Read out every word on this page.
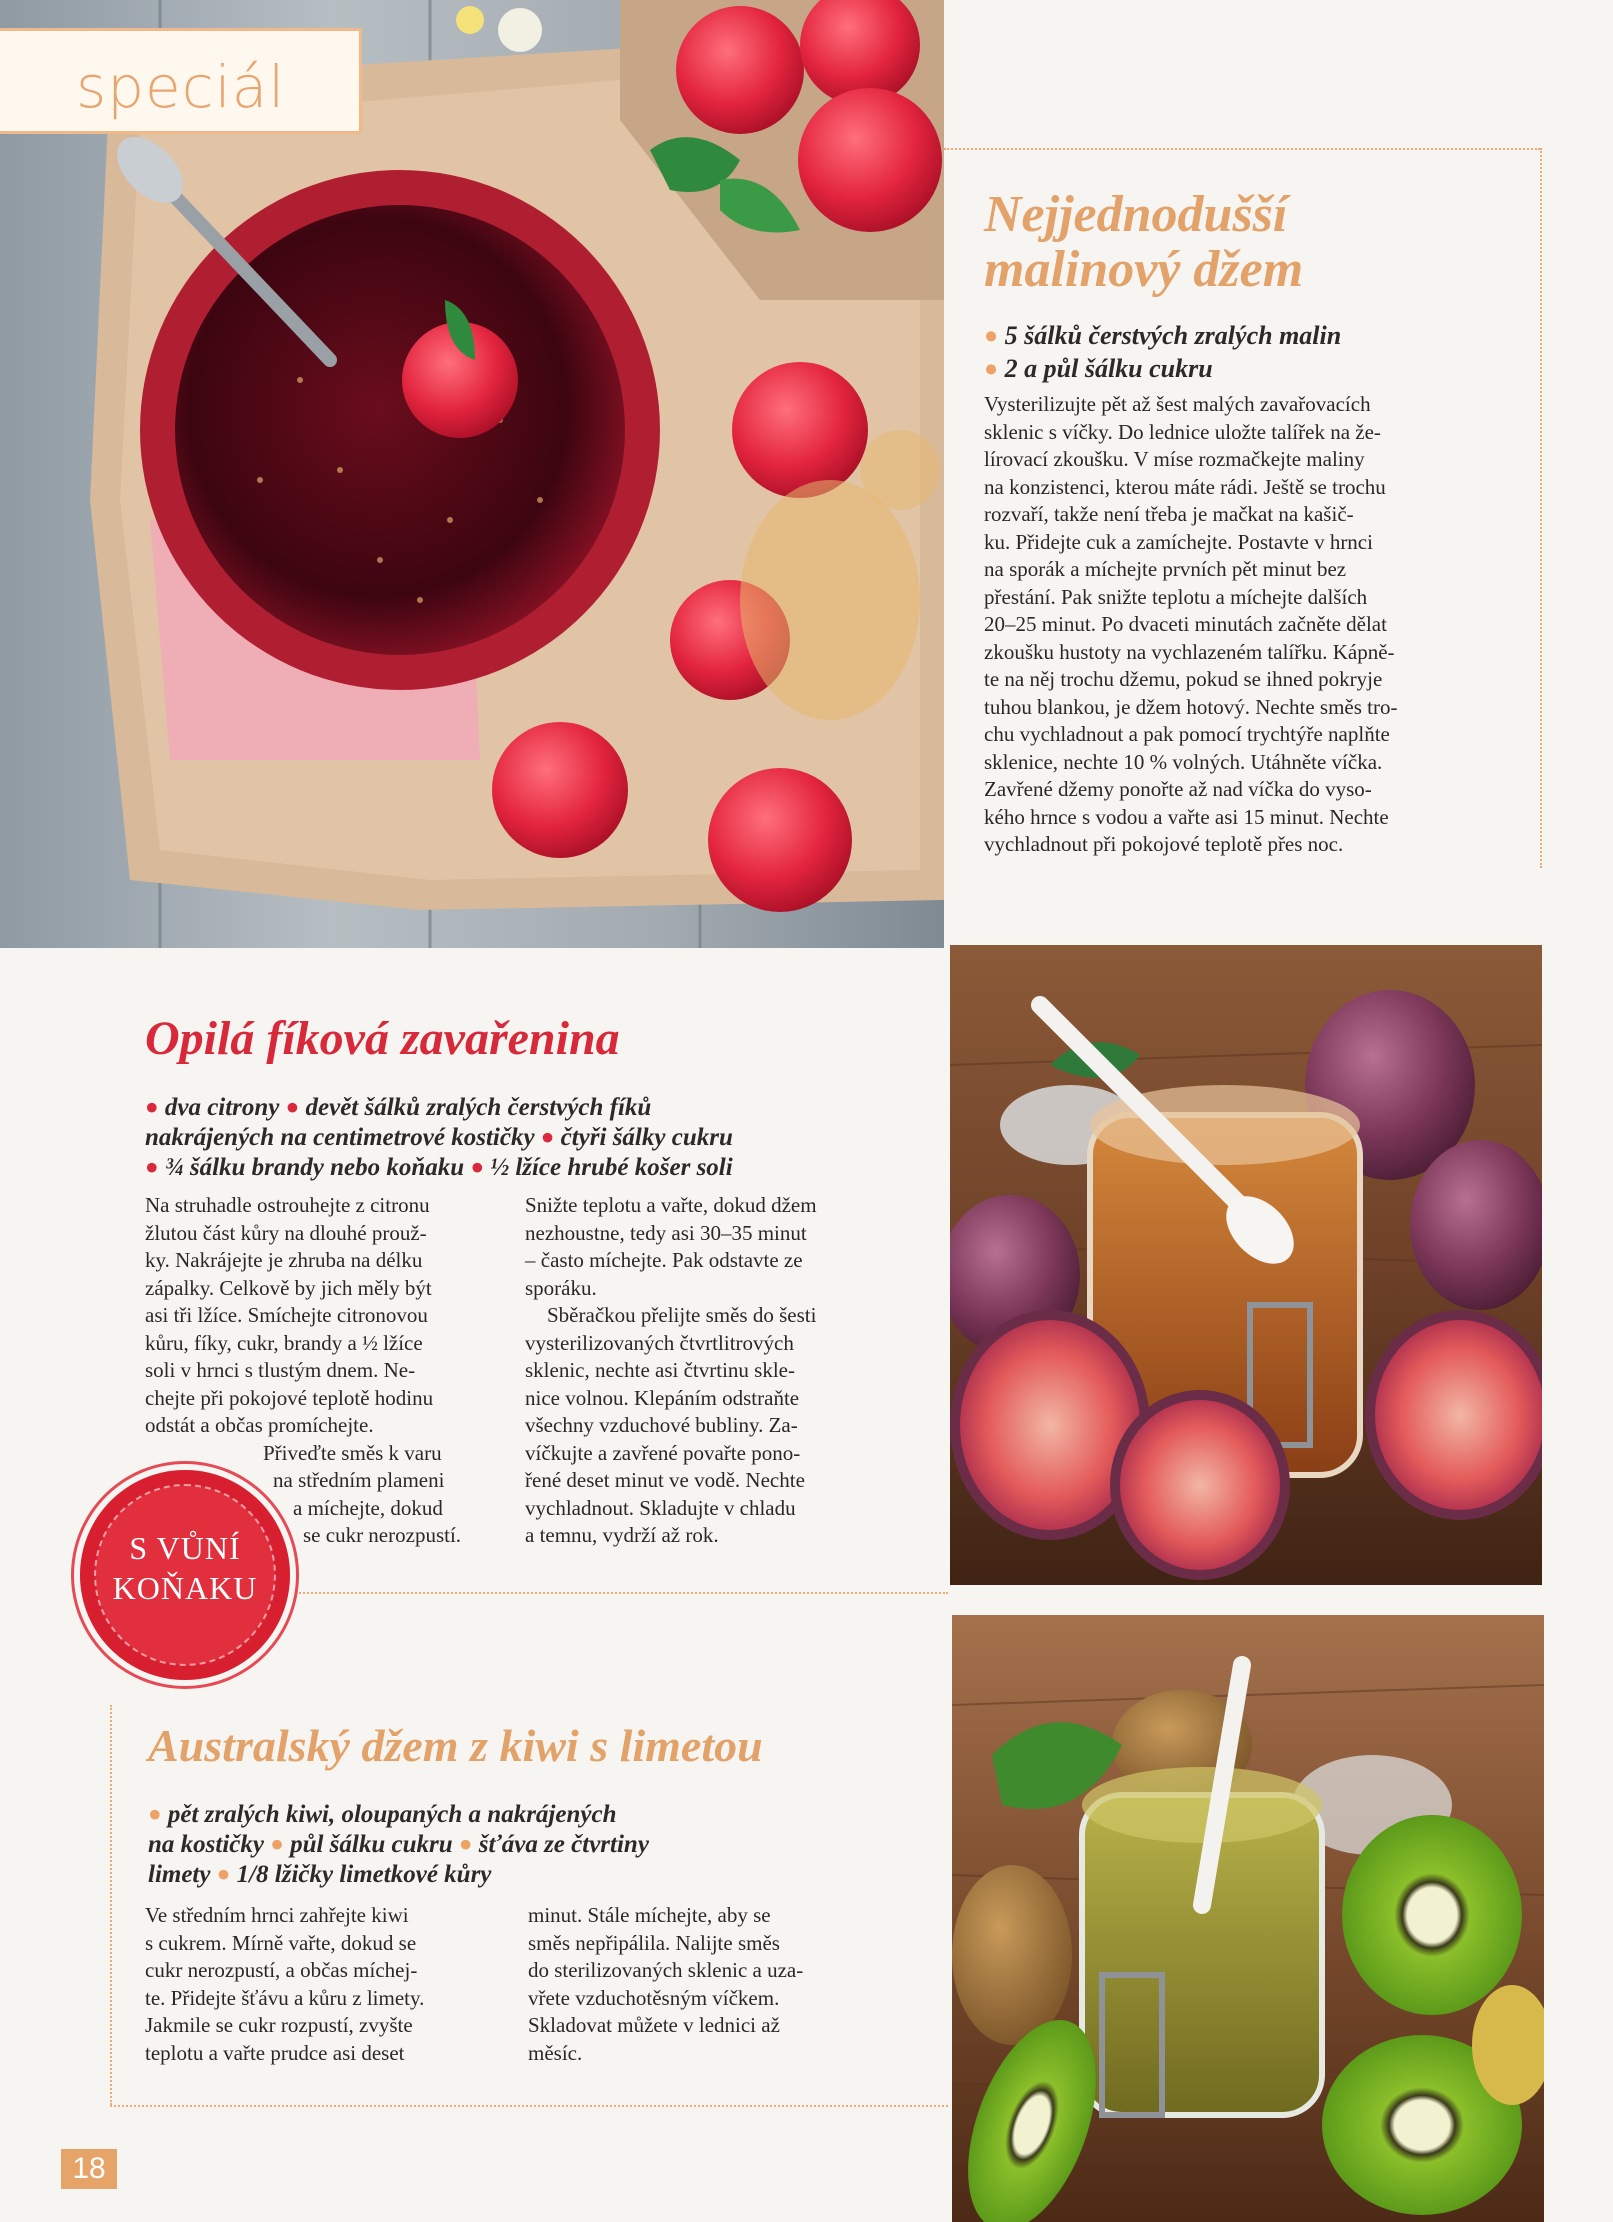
speciál
Nejjednodušší
malinový džem
● 5 šálků čerstvých zralých malin
● 2 a půl šálku cukru
Vysterilizujte pět až šest malých zavařovacích
sklenic s víčky. Do lednice uložte talířek na že-
lírovací zkoušku. V míse rozmačkejte maliny
na konzistenci, kterou máte rádi. Ještě se trochu
rozvaří, takže není třeba je mačkat na kašič-
ku. Přidejte cuk a zamíchejte. Postavte v hrnci
na sporák a míchejte prvních pět minut bez
přestání. Pak snižte teplotu a míchejte dalších
20–25 minut. Po dvaceti minutách začněte dělat
zkoušku hustoty na vychlazeném talířku. Kápně-
te na něj trochu džemu, pokud se ihned pokryje
tuhou blankou, je džem hotový. Nechte směs tro-
chu vychladnout a pak pomocí trychtýře naplňte
sklenice, nechte 10 % volných. Utáhněte víčka.
Zavřené džemy ponořte až nad víčka do vyso-
kého hrnce s vodou a vařte asi 15 minut. Nechte
vychladnout při pokojové teplotě přes noc.
Opilá fíková zavařenina
● dva citrony ● devět šálků zralých čerstvých fíků
nakrájených na centimetrové kostičky ● čtyři šálky cukru
● ¾ šálku brandy nebo koňaku ● ½ lžíce hrubé košer soli
Na struhadle ostrouhejte z citronu
žlutou část kůry na dlouhé prouž-
ky. Nakrájejte je zhruba na délku
zápalky. Celkově by jich měly být
asi tři lžíce. Smíchejte citronovou
kůru, fíky, cukr, brandy a ½ lžíce
soli v hrnci s tlustým dnem. Ne-
chejte při pokojové teplotě hodinu
odstát a občas promíchejte.
Přiveďte směs k varu
na středním plameni
a míchejte, dokud
se cukr nerozpustí.
Snižte teplotu a vařte, dokud džem
nezhoustne, tedy asi 30–35 minut
– často míchejte. Pak odstavte ze
sporáku.
Sběračkou přelijte směs do šesti
vysterilizovaných čtvrtlitrových
sklenic, nechte asi čtvrtinu skle-
nice volnou. Klepáním odstraňte
všechny vzduchové bubliny. Za-
víčkujte a zavřené povařte pono-
řené deset minut ve vodě. Nechte
vychladnout. Skladujte v chladu
a temnu, vydrží až rok.
S VŮNÍ
KOŇAKU
Australský džem z kiwi s limetou
● pět zralých kiwi, oloupaných a nakrájených
na kostičky ● půl šálku cukru ● šťáva ze čtvrtiny
limety ● 1/8 lžičky limetkové kůry
Ve středním hrnci zahřejte kiwi
s cukrem. Mírně vařte, dokud se
cukr nerozpustí, a občas míchej-
te. Přidejte šťávu a kůru z limety.
Jakmile se cukr rozpustí, zvyšte
teplotu a vařte prudce asi deset
minut. Stále míchejte, aby se
směs nepřipálila. Nalijte směs
do sterilizovaných sklenic a uza-
vřete vzduchotěsným víčkem.
Skladovat můžete v lednici až
měsíc.
18
